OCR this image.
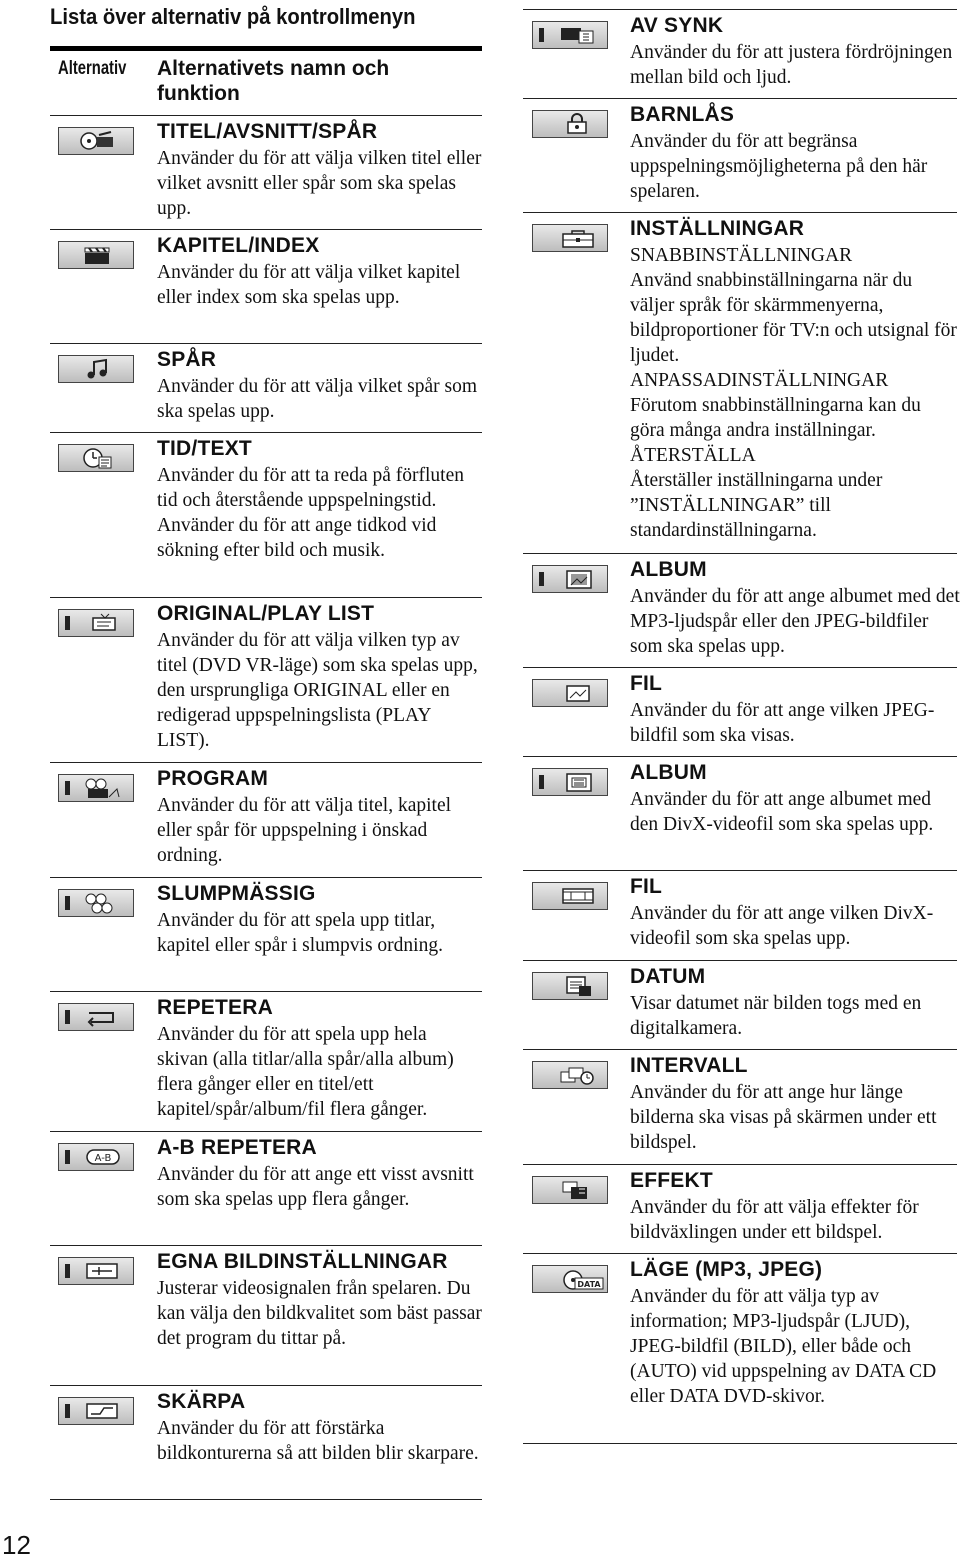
Lista över alternativ på kontrollmenyn
Alternativ Alternativets namn och funktion
TITEL/AVSNITT/SPÅR
Använder du för att välja vilken titel eller vilket avsnitt eller spår som ska spelas upp.
KAPITEL/INDEX
Använder du för att välja vilket kapitel eller index som ska spelas upp.
SPÅR
Använder du för att välja vilket spår som ska spelas upp.
TID/TEXT
Använder du för att ta reda på förfluten tid och återstående uppspelningstid.
Använder du för att ange tidkod vid sökning efter bild och musik.
ORIGINAL/PLAY LIST
Använder du för att välja vilken typ av titel (DVD VR-läge) som ska spelas upp, den ursprungliga ORIGINAL eller en redigerad uppspelningslista (PLAY LIST).
PROGRAM
Använder du för att välja titel, kapitel eller spår för uppspelning i önskad ordning.
SLUMPMÄSSIG
Använder du för att spela upp titlar, kapitel eller spår i slumpvis ordning.
REPETERA
Använder du för att spela upp hela skivan (alla titlar/alla spår/alla album) flera gånger eller en titel/ett kapitel/spår/album/fil flera gånger.
A-B A-B REPETERA
Använder du för att ange ett visst avsnitt som ska spelas upp flera gånger.
EGNA BILDINSTÄLLNINGAR
Justerar videosignalen från spelaren. Du kan välja den bildkvalitet som bäst passar det program du tittar på.
SKÄRPA
Använder du för att förstärka bildkonturerna så att bilden blir skarpare.
AV SYNK
Använder du för att justera fördröjningen mellan bild och ljud.
BARNLÅS
Använder du för att begränsa uppspelningsmöjligheterna på den här spelaren.
INSTÄLLNINGAR
SNABBINSTÄLLNINGAR
Använd snabbinställningarna när du väljer språk för skärmmenyerna, bildproportioner för TV:n och utsignal för ljudet.
ANPASSADINSTÄLLNINGAR
Förutom snabbinställningarna kan du göra många andra inställningar.
ÅTERSTÄLLA
Återställer inställningarna under ”INSTÄLLNINGAR” till standardinställningarna.
ALBUM
Använder du för att ange albumet med det MP3-ljudspår eller den JPEG-bildfiler som ska spelas upp.
FIL
Använder du för att ange vilken JPEG-bildfil som ska visas.
ALBUM
Använder du för att ange albumet med den DivX-videofil som ska spelas upp.
FIL
Använder du för att ange vilken DivX-videofil som ska spelas upp.
DATUM
Visar datumet när bilden togs med en digitalkamera.
INTERVALL
Använder du för att ange hur länge bilderna ska visas på skärmen under ett bildspel.
EFFEKT
Använder du för att välja effekter för bildväxlingen under ett bildspel.
DATA
LÄGE (MP3, JPEG)
Använder du för att välja typ av information; MP3-ljudspår (LJUD), JPEG-bildfil (BILD), eller både och (AUTO) vid uppspelning av DATA CD eller DATA DVD-skivor.
12
